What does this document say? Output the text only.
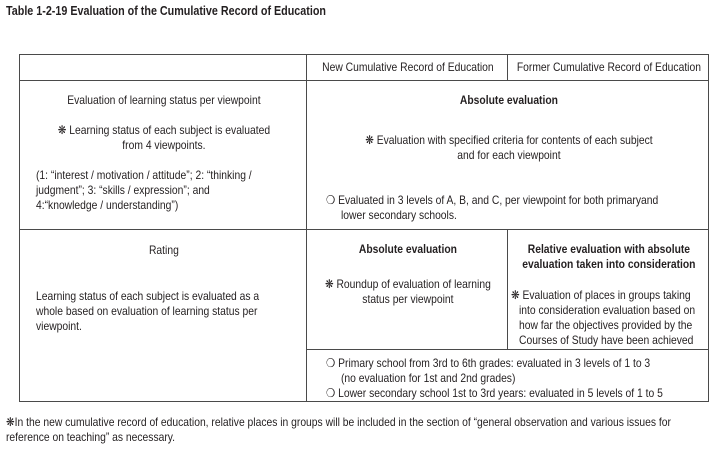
Table 1-2-19 Evaluation of the Cumulative Record of Education
New Cumulative Record of Education	Former Cumulative Record of Education
Evaluation of learning status per viewpoint
❋ Learning status of each subject is evaluated
from 4 viewpoints.
(1: “interest / motivation / attitude”; 2: “thinking /
judgment”; 3: “skills / expression”; and
4:“knowledge / understanding”)
Absolute evaluation
❋ Evaluation with specified criteria for contents of each subject
and for each viewpoint
❍ Evaluated in 3 levels of A, B, and C, per viewpoint for both primaryand
lower secondary schools.
Rating
Learning status of each subject is evaluated as a
whole based on evaluation of learning status per
viewpoint.
Absolute evaluation
❋ Roundup of evaluation of learning
status per viewpoint
Relative evaluation with absolute
evaluation taken into consideration
❋ Evaluation of places in groups taking
into consideration evaluation based on
how far the objectives provided by the
Courses of Study have been achieved
❍ Primary school from 3rd to 6th grades: evaluated in 3 levels of 1 to 3
(no evaluation for 1st and 2nd grades)
❍ Lower secondary school 1st to 3rd years: evaluated in 5 levels of 1 to 5
❋In the new cumulative record of education, relative places in groups will be included in the section of “general observation and various issues for
reference on teaching” as necessary.
